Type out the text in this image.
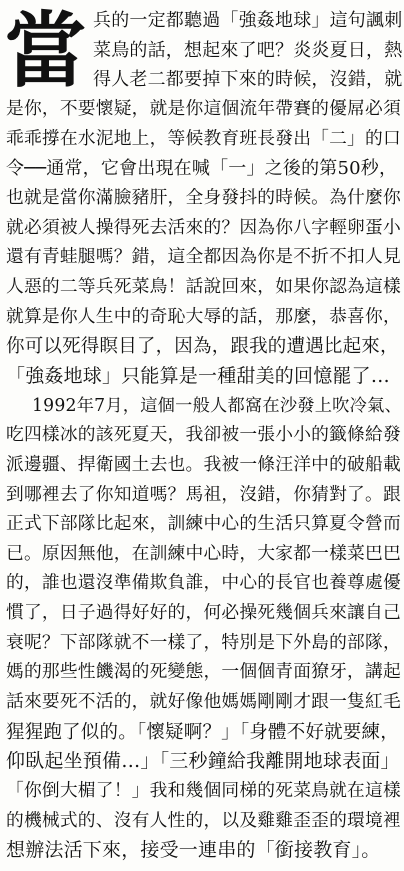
當 兵的一定都聽過「強姦地球」這句諷刺
菜鳥的話，想起來了吧？炎炎夏日，熱
得人老二都要掉下來的時候，沒錯，就
是你，不要懷疑，就是你這個流年帶賽的優屌必須
乖乖撐在水泥地上，等候教育班長發出「二」的口
令──通常，它會出現在喊「一」之後的第50秒，
也就是當你滿臉豬肝，全身發抖的時候。為什麼你
就必須被人操得死去活來的？因為你八字輕卵蛋小
還有青蛙腿嗎？錯，這全都因為你是不折不扣人見
人惡的二等兵死菜鳥！話說回來，如果你認為這樣
就算是你人生中的奇恥大辱的話，那麼，恭喜你，
你可以死得瞑目了，因為，跟我的遭遇比起來，
「強姦地球」只能算是一種甜美的回憶罷了…
1992年7月，這個一般人都窩在沙發上吹冷氣、
吃四樣冰的該死夏天，我卻被一張小小的籤條給發
派邊疆、捍衛國土去也。我被一條汪洋中的破船載
到哪裡去了你知道嗎？馬祖，沒錯，你猜對了。跟
正式下部隊比起來，訓練中心的生活只算夏令營而
已。原因無他，在訓練中心時，大家都一樣菜巴巴
的，誰也還沒準備欺負誰，中心的長官也養尊處優
慣了，日子過得好好的，何必操死幾個兵來讓自己
衰呢？下部隊就不一樣了，特別是下外島的部隊，
媽的那些性饑渴的死變態，一個個青面獠牙，講起
話來要死不活的，就好像他媽媽剛剛才跟一隻紅毛
猩猩跑了似的。「懷疑啊？」「身體不好就要練，
仰臥起坐預備…」「三秒鐘給我離開地球表面」
「你倒大楣了！」我和幾個同梯的死菜鳥就在這樣
的機械式的、沒有人性的，以及雞雞歪歪的環境裡
想辦法活下來，接受一連串的「銜接教育」。
